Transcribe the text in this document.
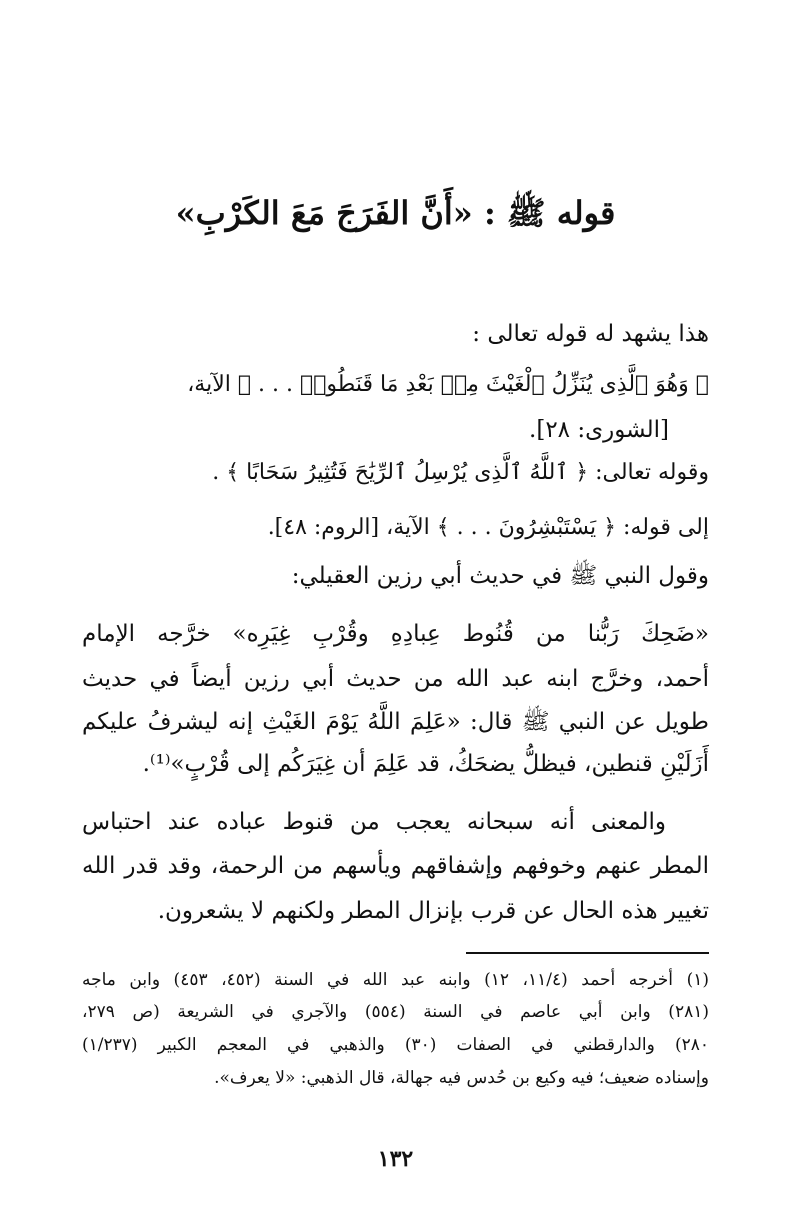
قوله ﷺ : «أَنَّ الفَرَجَ مَعَ الكَرْبِ»
هذا يشهد له قوله تعالى :
﴿ وَهُوَ ٱلَّذِى يُنَزِّلُ ٱلْغَيْثَ مِنۢ بَعْدِ مَا قَنَطُوا۟ . . . ﴾ الآية،
[الشورى: ٢٨].
وقوله تعالى: ﴿ ٱللَّهُ ٱلَّذِى يُرْسِلُ ٱلرِّيَٰحَ فَتُثِيرُ سَحَابًا ﴾ .
إلى قوله: ﴿ يَسْتَبْشِرُونَ . . . ﴾ الآية، [الروم: ٤٨].
وقول النبي ﷺ في حديث أبي رزين العقيلي:
«ضَحِكَ رَبُّنا من قُنُوط عِبادِهِ وقُرْبِ غِيَرِه» خرَّجه الإمام
أحمد، وخرَّج ابنه عبد الله من حديث أبي رزين أيضاً في حديث
طويل عن النبي ﷺ قال: «عَلِمَ اللَّهُ يَوْمَ الغَيْثِ إنه ليشرفُ عليكم
أَزَلَيْنِ قنطين، فيظلُّ يضحَكُ، قد عَلِمَ أن غِيَرَكُم إلى قُرْبٍ»⁽¹⁾.
والمعنى أنه سبحانه يعجب من قنوط عباده عند احتباس
المطر عنهم وخوفهم وإشفاقهم ويأسهم من الرحمة، وقد قدر الله
تغيير هذه الحال عن قرب بإنزال المطر ولكنهم لا يشعرون.
(١)
أخرجه أحمد (١١/٤، ١٢) وابنه عبد الله في السنة (٤٥٢، ٤٥٣) وابن ماجه
(٢٨١) وابن أبي عاصم في السنة (٥٥٤) والآجري في الشريعة (ص ٢٧٩،
٢٨٠) والدارقطني في الصفات (٣٠) والذهبي في المعجم الكبير (١/٢٣٧)
وإسناده ضعيف؛ فيه وكيع بن حُدس فيه جهالة، قال الذهبي: «لا يعرف».
١٣٢
